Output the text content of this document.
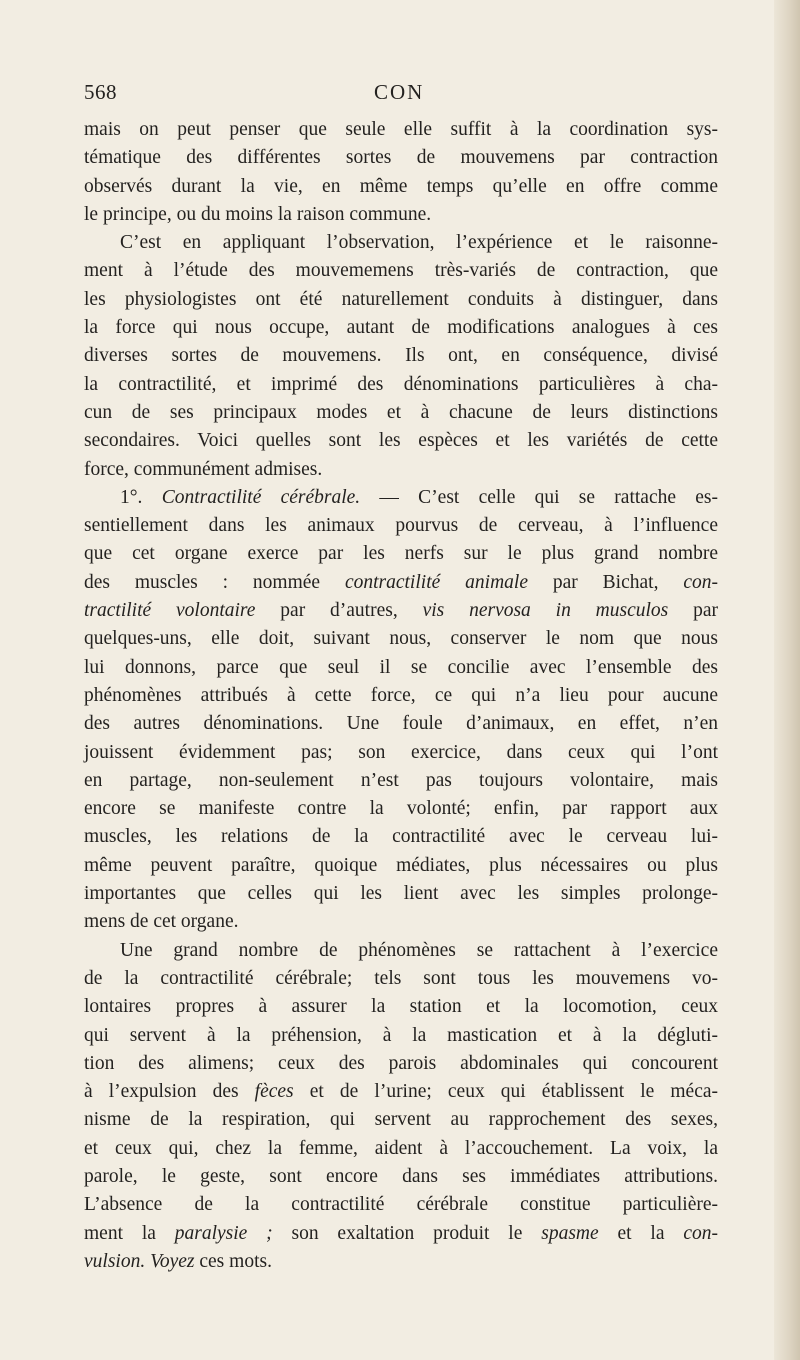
568	CON

mais on peut penser que seule elle suffit à la coordination sys-

tématique des différentes sortes de mouvemens par contraction

observés durant la vie, en même temps qu’elle en offre comme

le principe, ou du moins la raison commune.

C’est en appliquant l’observation, l’expérience et le raisonne-

ment à l’étude des mouvememens très-variés de contraction, que

les physiologistes ont été naturellement conduits à distinguer, dans

la force qui nous occupe, autant de modifications analogues à ces

diverses sortes de mouvemens. Ils ont, en conséquence, divisé

la contractilité, et imprimé des dénominations particulières à cha-

cun de ses principaux modes et à chacune de leurs distinctions

secondaires. Voici quelles sont les espèces et les variétés de cette

force, communément admises.

1°. Contractilité cérébrale. — C’est celle qui se rattache es-

sentiellement dans les animaux pourvus de cerveau, à l’influence

que cet organe exerce par les nerfs sur le plus grand nombre

des muscles : nommée contractilité animale par Bichat, con-

tractilité volontaire par d’autres, vis nervosa in musculos par

quelques-uns, elle doit, suivant nous, conserver le nom que nous

lui donnons, parce que seul il se concilie avec l’ensemble des

phénomènes attribués à cette force, ce qui n’a lieu pour aucune

des autres dénominations. Une foule d’animaux, en effet, n’en

jouissent évidemment pas; son exercice, dans ceux qui l’ont

en partage, non-seulement n’est pas toujours volontaire, mais

encore se manifeste contre la volonté; enfin, par rapport aux

muscles, les relations de la contractilité avec le cerveau lui-

même peuvent paraître, quoique médiates, plus nécessaires ou plus

importantes que celles qui les lient avec les simples prolonge-

mens de cet organe.

Une grand nombre de phénomènes se rattachent à l’exercice

de la contractilité cérébrale; tels sont tous les mouvemens vo-

lontaires propres à assurer la station et la locomotion, ceux

qui servent à la préhension, à la mastication et à la dégluti-

tion des alimens; ceux des parois abdominales qui concourent

à l’expulsion des fèces et de l’urine; ceux qui établissent le méca-

nisme de la respiration, qui servent au rapprochement des sexes,

et ceux qui, chez la femme, aident à l’accouchement. La voix, la

parole, le geste, sont encore dans ses immédiates attributions.

L’absence de la contractilité cérébrale constitue particulière-

ment la paralysie ; son exaltation produit le spasme et la con-

vulsion. Voyez ces mots.
